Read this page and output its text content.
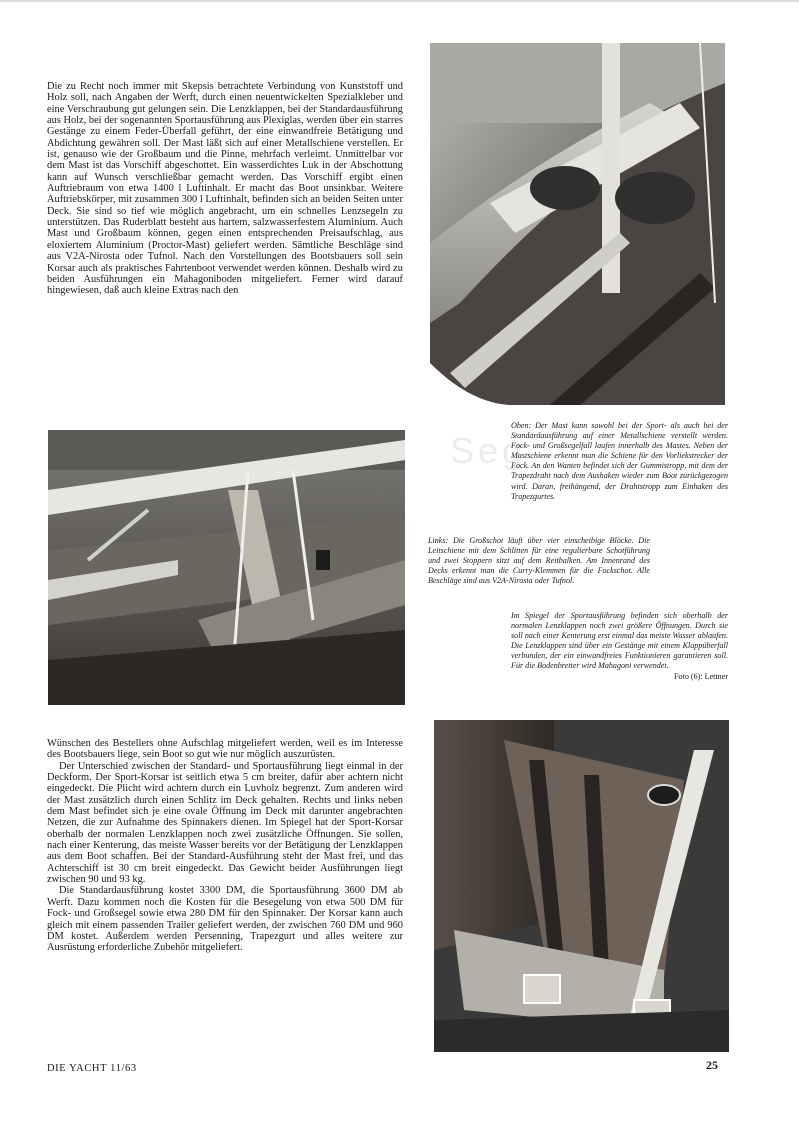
Seg

Die zu Recht noch immer mit Skepsis betrachtete Verbindung von Kunststoff und Holz soll, nach Angaben der Werft, durch einen neuentwickelten Spezialkleber und eine Verschraubung gut gelungen sein. Die Lenzklappen, bei der Standardausführung aus Holz, bei der sogenannten Sportausführung aus Plexiglas, werden über ein starres Gestänge zu einem Feder-Überfall geführt, der eine einwandfreie Betätigung und Abdichtung gewähren soll. Der Mast läßt sich auf einer Metallschiene verstellen. Er ist, genauso wie der Großbaum und die Pinne, mehrfach verleimt. Unmittelbar vor dem Mast ist das Vorschiff abgeschottet. Ein wasserdichtes Luk in der Abschottung kann auf Wunsch verschließbar gemacht werden. Das Vorschiff ergibt einen Auftriebraum von etwa 1400 l Luftinhalt. Er macht das Boot unsinkbar. Weitere Auftriebskörper, mit zusammen 300 l Luftinhalt, befinden sich an beiden Seiten unter Deck. Sie sind so tief wie möglich angebracht, um ein schnelles Lenzsegeln zu unterstützen. Das Ruderblatt besteht aus hartem, salzwasserfestem Aluminium. Auch Mast und Großbaum können, gegen einen entsprechenden Preisaufschlag, aus eloxiertem Aluminium (Proctor-Mast) geliefert werden. Sämtliche Beschläge sind aus V2A-Nirosta oder Tufnol. Nach den Vorstellungen des Bootsbauers soll sein Korsar auch als praktisches Fahrtenboot verwendet werden können. Deshalb wird zu beiden Ausführungen ein Mahagoniboden mitgeliefert. Ferner wird darauf hingewiesen, daß auch kleine Extras nach den

Oben: Der Mast kann sowohl bei der Sport- als auch bei der Standardausführung auf einer Metallschiene verstellt werden. Fock- und Großsegelfall laufen innerhalb des Mastes. Neben der Mastschiene erkennt man die Schiene für den Vorliekstrecker der Fock. An den Wanten befindet sich der Gummistropp, mit dem der Trapezdraht nach dem Aushaken wieder zum Boot zurückgezogen wird. Daran, freihängend, der Drahtstropp zum Einhaken des Trapezgurtes.
Links: Die Großschot läuft über vier einscheibige Blöcke. Die Leitschiene mit dem Schlitten für eine regulierbare Schotführung und zwei Stoppern sitzt auf dem Reitbalken. Am Innenrand des Decks erkennt man die Curry-Klemmen für die Fockschot. Alle Beschläge sind aus V2A-Nirosta oder Tufnol.
Im Spiegel der Sportausführung befinden sich oberhalb der normalen Lenzklappen noch zwei größere Öffnungen. Durch sie soll nach einer Kenterung erst einmal das meiste Wasser ablaufen. Die Lenzklappen sind über ein Gestänge mit einem Klappüberfall verbunden, der ein einwandfreies Funktionieren garantieren soll. Für die Bodenbretter wird Mahagoni verwendet.
Foto (6): Lettner

Wünschen des Bestellers ohne Aufschlag mitgeliefert werden, weil es im Interesse des Bootsbauers liege, sein Boot so gut wie nur möglich auszurüsten.

Der Unterschied zwischen der Standard- und Sportausführung liegt einmal in der Deckform. Der Sport-Korsar ist seitlich etwa 5 cm breiter, dafür aber achtern nicht eingedeckt. Die Plicht wird achtern durch ein Luvholz begrenzt. Zum anderen wird der Mast zusätzlich durch einen Schlitz im Deck gehalten. Rechts und links neben dem Mast befindet sich je eine ovale Öffnung im Deck mit darunter angebrachten Netzen, die zur Aufnahme des Spinnakers dienen. Im Spiegel hat der Sport-Korsar oberhalb der normalen Lenzklappen noch zwei zusätzliche Öffnungen. Sie sollen, nach einer Kenterung, das meiste Wasser bereits vor der Betätigung der Lenzklappen aus dem Boot schaffen. Bei der Standard-Ausführung steht der Mast frei, und das Achterschiff ist 30 cm breit eingedeckt. Das Gewicht beider Ausführungen liegt zwischen 90 und 93 kg.

Die Standardausführung kostet 3300 DM, die Sportausführung 3600 DM ab Werft. Dazu kommen noch die Kosten für die Besegelung von etwa 500 DM für Fock- und Großsegel sowie etwa 280 DM für den Spinnaker. Der Korsar kann auch gleich mit einem passenden Trailer geliefert werden, der zwischen 760 DM und 960 DM kostet. Außerdem werden Persenning, Trapezgurt und alles weitere zur Ausrüstung erforderliche Zubehör mitgeliefert.

DIE YACHT 11/63	25
